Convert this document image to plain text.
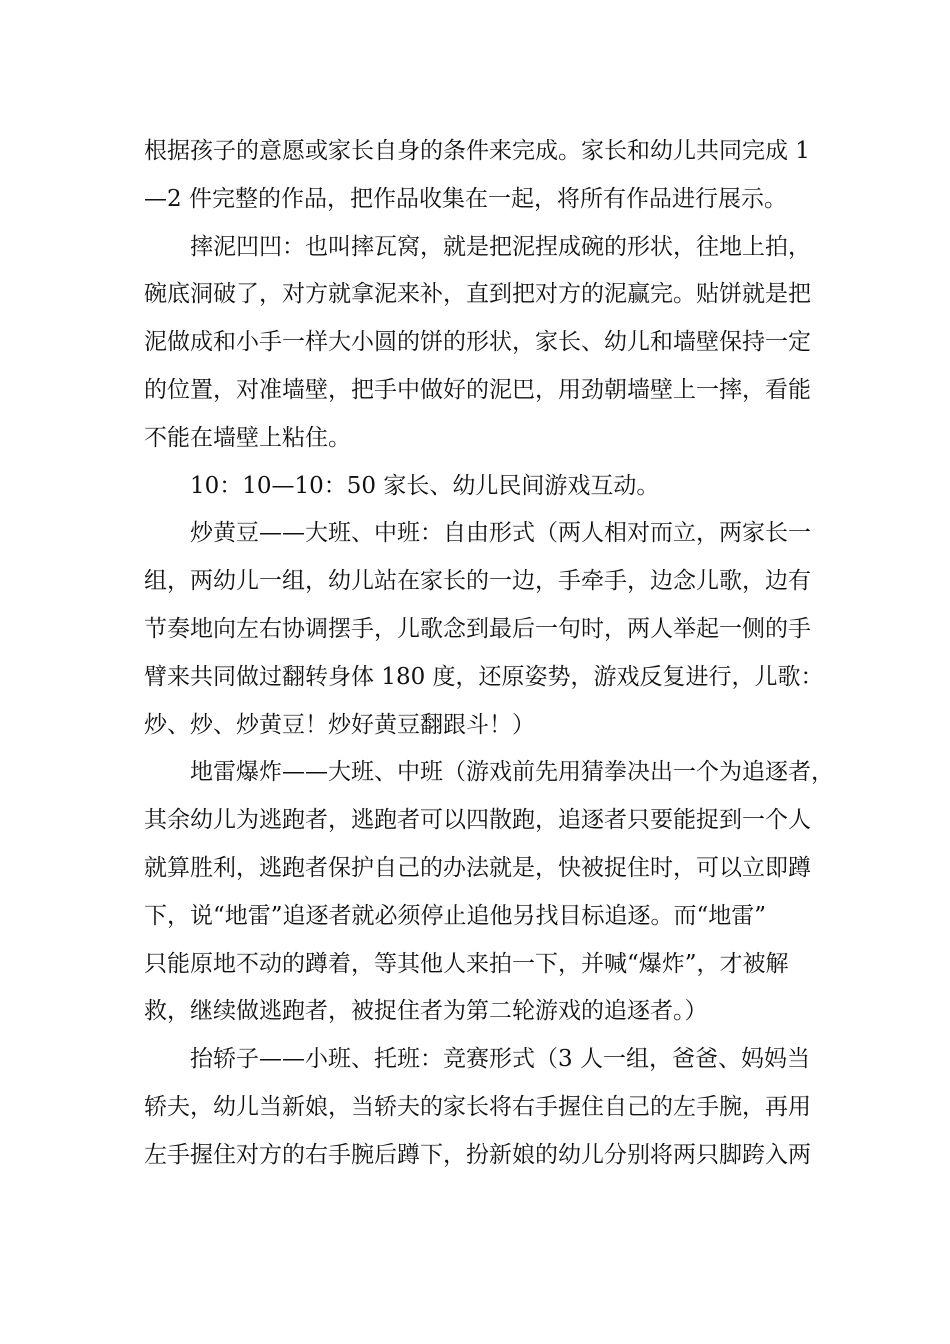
根据孩子的意愿或家长自身的条件来完成。家长和幼儿共同完成 1
—2 件完整的作品，把作品收集在一起，将所有作品进行展示。
摔泥凹凹：也叫摔瓦窝，就是把泥捏成碗的形状，往地上拍，
碗底洞破了，对方就拿泥来补，直到把对方的泥赢完。贴饼就是把
泥做成和小手一样大小圆的饼的形状，家长、幼儿和墙壁保持一定
的位置，对准墙壁，把手中做好的泥巴，用劲朝墙壁上一摔，看能
不能在墙壁上粘住。
10：10—10：50 家长、幼儿民间游戏互动。
炒黄豆——大班、中班：自由形式（两人相对而立，两家长一
组，两幼儿一组，幼儿站在家长的一边，手牵手，边念儿歌，边有
节奏地向左右协调摆手，儿歌念到最后一句时，两人举起一侧的手
臂来共同做过翻转身体 180 度，还原姿势，游戏反复进行，儿歌：
炒、炒、炒黄豆！炒好黄豆翻跟斗！）
地雷爆炸——大班、中班（游戏前先用猜拳决出一个为追逐者，
其余幼儿为逃跑者，逃跑者可以四散跑，追逐者只要能捉到一个人
就算胜利，逃跑者保护自己的办法就是，快被捉住时，可以立即蹲
下，说“地雷”追逐者就必须停止追他另找目标追逐。而“地雷”
只能原地不动的蹲着，等其他人来拍一下，并喊“爆炸”，才被解
救，继续做逃跑者，被捉住者为第二轮游戏的追逐者。）
抬轿子——小班、托班：竞赛形式（3 人一组，爸爸、妈妈当
轿夫，幼儿当新娘，当轿夫的家长将右手握住自己的左手腕，再用
左手握住对方的右手腕后蹲下，扮新娘的幼儿分别将两只脚跨入两
